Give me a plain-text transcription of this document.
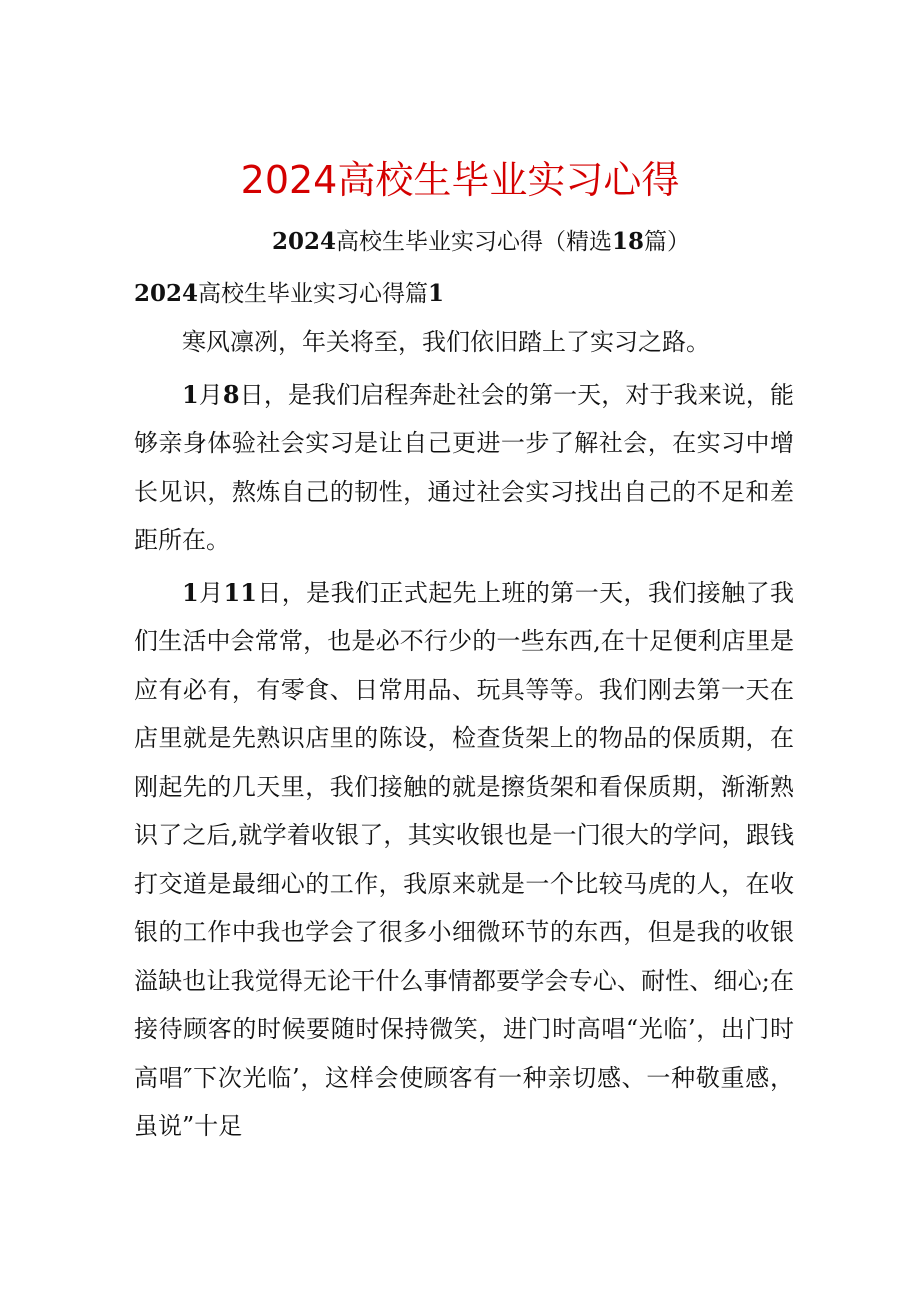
2024高校生毕业实习心得

2024高校生毕业实习心得（精选18篇）

2024高校生毕业实习心得篇1

寒风凛冽，年关将至，我们依旧踏上了实习之路。

1月8日，是我们启程奔赴社会的第一天，对于我来说，能够亲身体验社会实习是让自己更进一步了解社会，在实习中增长见识，熬炼自己的韧性，通过社会实习找出自己的不足和差距所在。

1月11日，是我们正式起先上班的第一天，我们接触了我们生活中会常常，也是必不行少的一些东西,在十足便利店里是应有必有，有零食、日常用品、玩具等等。我们刚去第一天在店里就是先熟识店里的陈设，检查货架上的物品的保质期，在刚起先的几天里，我们接触的就是擦货架和看保质期，渐渐熟识了之后,就学着收银了，其实收银也是一门很大的学问，跟钱打交道是最细心的工作，我原来就是一个比较马虎的人，在收银的工作中我也学会了很多小细微环节的东西，但是我的收银溢缺也让我觉得无论干什么事情都要学会专心、耐性、细心;在接待顾客的时候要随时保持微笑，进门时高唱“光临’，出门时高唱″下次光临’，这样会使顾客有一种亲切感、一种敬重感，虽说”十足
